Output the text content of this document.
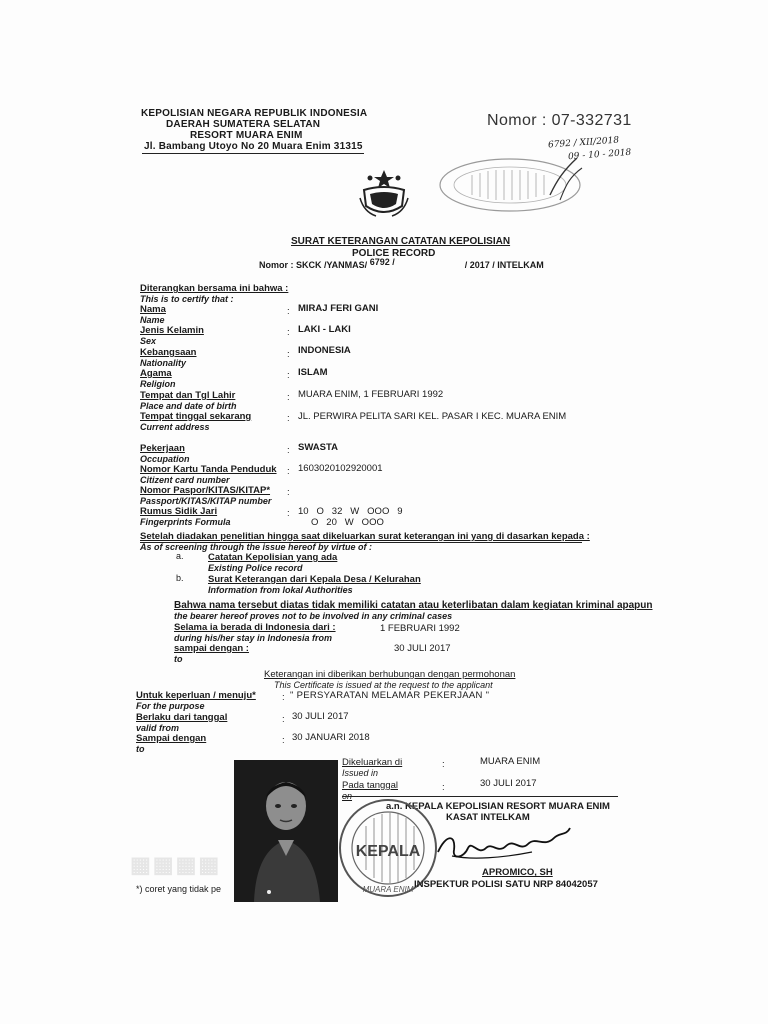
KEPOLISIAN NEGARA REPUBLIK INDONESIA
DAERAH SUMATERA SELATAN
RESORT MUARA ENIM
Jl. Bambang Utoyo No 20 Muara Enim 31315
Nomor : 07-332731
6792 / XII/2018
09 - 10 - 2018
SURAT KETERANGAN CATATAN KEPOLISIAN
POLICE RECORD
Nomor : SKCK /YANMAS/ 6792 /	/ 2017 / INTELKAM
Diterangkan bersama ini bahwa :
This is to certify that :
Nama
Name
: MIRAJ FERI GANI
Jenis Kelamin
Sex
: LAKI - LAKI
Kebangsaan
Nationality
: INDONESIA
Agama
Religion
: ISLAM
Tempat dan Tgl Lahir
Place and date of birth
: MUARA ENIM, 1 FEBRUARI 1992
Tempat tinggal sekarang
Current address
: JL. PERWIRA PELITA SARI KEL. PASAR I KEC. MUARA ENIM
Pekerjaan
Occupation
: SWASTA
Nomor Kartu Tanda Penduduk
Citizent card number
: 1603020102920001
Nomor Paspor/KITAS/KITAP*
Passport/KITAS/KITAP number
:
Rumus Sidik Jari
Fingerprints Formula
: 10   O   32   W   OOO   9
O   20   W   OOO
Setelah diadakan penelitian hingga saat dikeluarkan surat keterangan ini yang di dasarkan kepada :
As of screening through the issue hereof by virtue of :
a.	Catatan Kepolisian yang ada
Existing Police record
b.	Surat Keterangan dari Kepala Desa / Kelurahan
Information from lokal Authorities
Bahwa nama tersebut diatas tidak memiliki catatan atau keterlibatan dalam kegiatan kriminal apapun
the bearer hereof proves not to be involved in any criminal cases
Selama ia berada di Indonesia dari :
during his/her stay in Indonesia from
1 FEBRUARI 1992
sampai dengan :
to
30 JULI 2017
Keterangan ini diberikan berhubungan dengan permohonan
This Certificate is issued at the request to the applicant
Untuk keperluan / menuju*
For the purpose
: " PERSYARATAN MELAMAR PEKERJAAN "
Berlaku dari tanggal
valid from
: 30 JULI 2017
Sampai dengan
to
: 30 JANUARI 2018
▦▦▦▦
Dikeluarkan di
Issued in
:	MUARA ENIM
Pada tanggal
on
:	30 JULI 2017
a.n. KEPALA KEPOLISIAN RESORT MUARA ENIM
KASAT INTELKAM
KEPALA
MUARA ENIM
APROMICO, SH
INSPEKTUR POLISI SATU NRP 84042057
*) coret yang tidak pe
